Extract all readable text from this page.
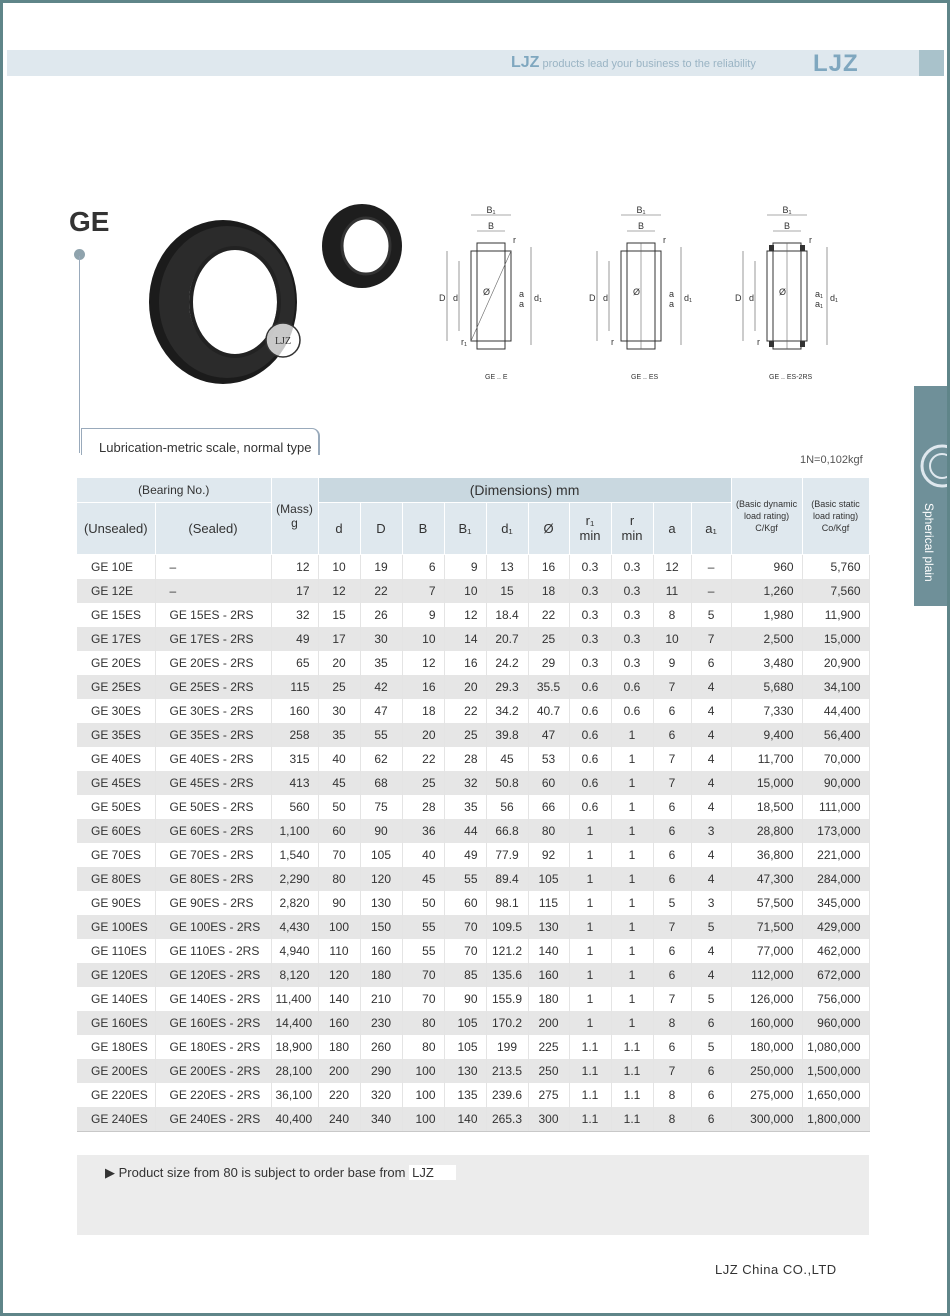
LJZ products lead your business to the reliability LJZ
GE
LJZ
B₁
B
r
D d	d₁
Ø	a
a
r₁
GE .. E
B₁
B
r
D d	d₁
Ø	a
a
r
GE .. ES
B₁
B
r
D d	d₁
Ø	a₁
a₁
r
GE .. ES-2RS
Lubrication-metric scale, normal type
1N=0,102kgf
Spherical plain
(Bearing No.)		(Mass)
g	(Dimensions) mm										(Basic dynamic
load rating)
C/Kgf	(Basic static
load rating)
Co/Kgf
(Unsealed)	(Sealed)		d	D	B	B₁	d₁	Ø	r₁
min	r
min	a	a₁		
GE 10E	–	12	10	19	6	9	13	16	0.3	0.3	12	–	960	5,760
GE 12E	–	17	12	22	7	10	15	18	0.3	0.3	11	–	1,260	7,560
GE 15ES	GE 15ES - 2RS	32	15	26	9	12	18.4	22	0.3	0.3	8	5	1,980	11,900
GE 17ES	GE 17ES - 2RS	49	17	30	10	14	20.7	25	0.3	0.3	10	7	2,500	15,000
GE 20ES	GE 20ES - 2RS	65	20	35	12	16	24.2	29	0.3	0.3	9	6	3,480	20,900
GE 25ES	GE 25ES - 2RS	115	25	42	16	20	29.3	35.5	0.6	0.6	7	4	5,680	34,100
GE 30ES	GE 30ES - 2RS	160	30	47	18	22	34.2	40.7	0.6	0.6	6	4	7,330	44,400
GE 35ES	GE 35ES - 2RS	258	35	55	20	25	39.8	47	0.6	1	6	4	9,400	56,400
GE 40ES	GE 40ES - 2RS	315	40	62	22	28	45	53	0.6	1	7	4	11,700	70,000
GE 45ES	GE 45ES - 2RS	413	45	68	25	32	50.8	60	0.6	1	7	4	15,000	90,000
GE 50ES	GE 50ES - 2RS	560	50	75	28	35	56	66	0.6	1	6	4	18,500	111,000
GE 60ES	GE 60ES - 2RS	1,100	60	90	36	44	66.8	80	1	1	6	3	28,800	173,000
GE 70ES	GE 70ES - 2RS	1,540	70	105	40	49	77.9	92	1	1	6	4	36,800	221,000
GE 80ES	GE 80ES - 2RS	2,290	80	120	45	55	89.4	105	1	1	6	4	47,300	284,000
GE 90ES	GE 90ES - 2RS	2,820	90	130	50	60	98.1	115	1	1	5	3	57,500	345,000
GE 100ES	GE 100ES - 2RS	4,430	100	150	55	70	109.5	130	1	1	7	5	71,500	429,000
GE 110ES	GE 110ES - 2RS	4,940	110	160	55	70	121.2	140	1	1	6	4	77,000	462,000
GE 120ES	GE 120ES - 2RS	8,120	120	180	70	85	135.6	160	1	1	6	4	112,000	672,000
GE 140ES	GE 140ES - 2RS	11,400	140	210	70	90	155.9	180	1	1	7	5	126,000	756,000
GE 160ES	GE 160ES - 2RS	14,400	160	230	80	105	170.2	200	1	1	8	6	160,000	960,000
GE 180ES	GE 180ES - 2RS	18,900	180	260	80	105	199	225	1.1	1.1	6	5	180,000	1,080,000
GE 200ES	GE 200ES - 2RS	28,100	200	290	100	130	213.5	250	1.1	1.1	7	6	250,000	1,500,000
GE 220ES	GE 220ES - 2RS	36,100	220	320	100	135	239.6	275	1.1	1.1	8	6	275,000	1,650,000
GE 240ES	GE 240ES - 2RS	40,400	240	340	100	140	265.3	300	1.1	1.1	8	6	300,000	1,800,000
▶ Product size from 80 is subject to order base from LJZ
LJZ China CO.,LTD
